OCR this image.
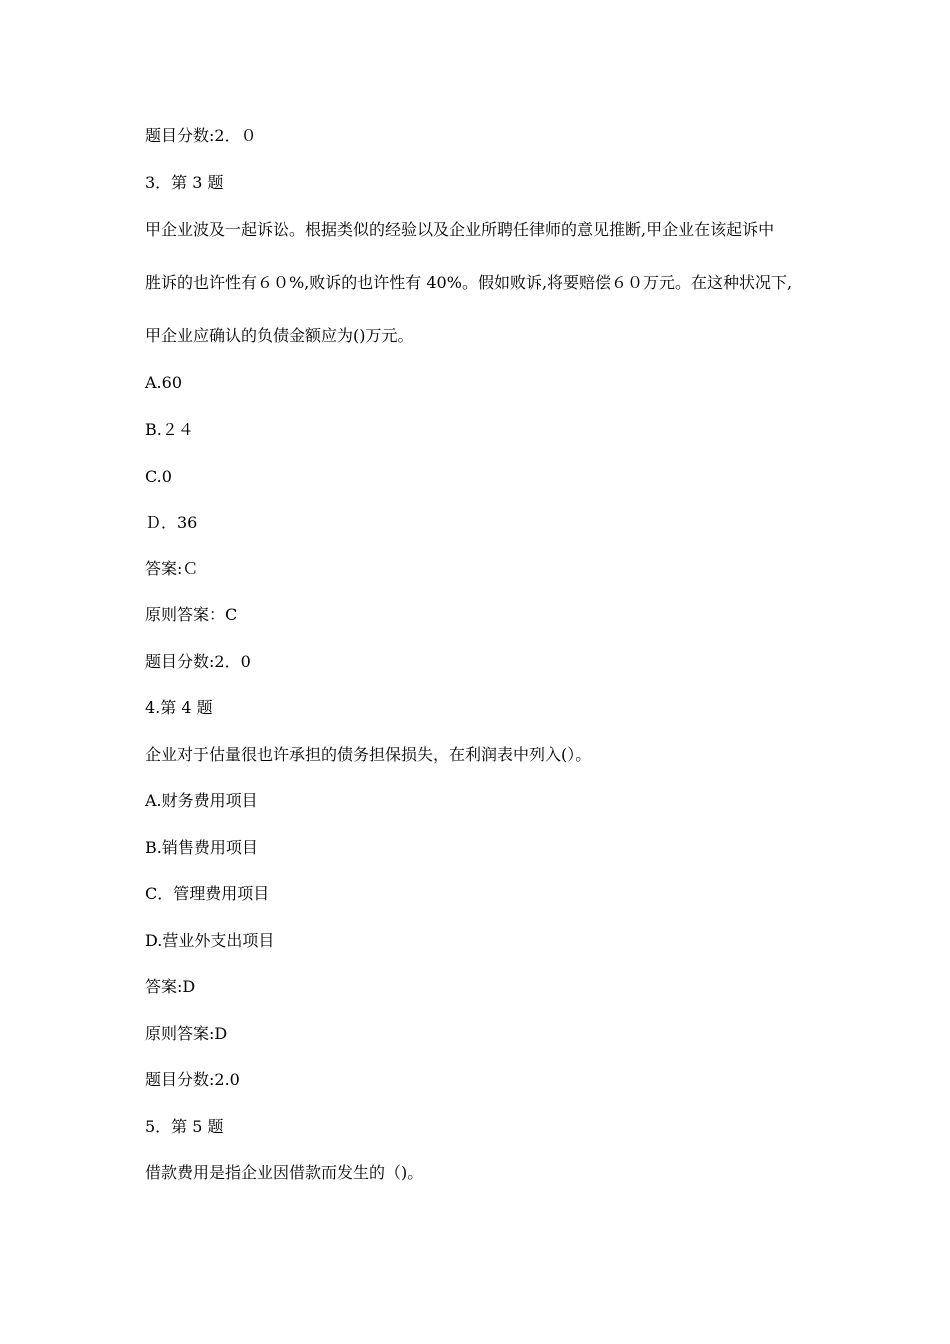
题目分数:2．０
3．第 3 题
甲企业波及一起诉讼。根据类似的经验以及企业所聘任律师的意见推断,甲企业在该起诉中
胜诉的也许性有６０%,败诉的也许性有 40%。假如败诉,将要赔偿６０万元。在这种状况下,
甲企业应确认的负债金额应为()万元。
A.60
B.２４
C.0
Ｄ．36
答案:Ｃ
原则答案：C
题目分数:2．0
4.第 4 题
企业对于估量很也许承担的债务担保损失，在利润表中列入(）。
A.财务费用项目
B.销售费用项目
C．管理费用项目
D.营业外支出项目
答案:D
原则答案:D
题目分数:2.0
5．第 5 题
借款费用是指企业因借款而发生的（)。
